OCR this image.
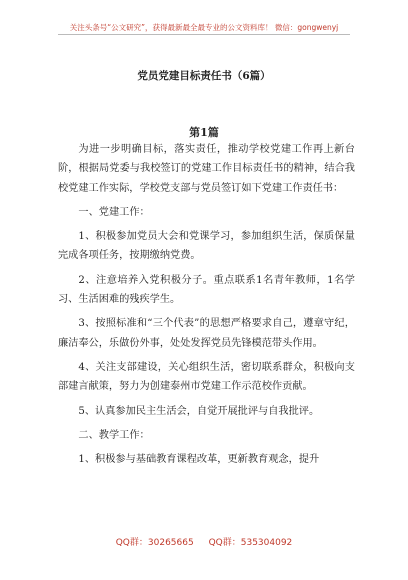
关注头条号“公文研究”，获得最新最全最专业的公文资料库！ 微信：gongwenyj
党员党建目标责任书（6篇）
第1篇

为进一步明确目标，落实责任，推动学校党建工作再上新台阶，根据局党委与我校签订的党建工作目标责任书的精神，结合我校党建工作实际，学校党支部与党员签订如下党建工作责任书：

一、党建工作：

1、积极参加党员大会和党课学习，参加组织生活，保质保量完成各项任务，按期缴纳党费。

2、注意培养入党积极分子。重点联系1名青年教师，1名学习、生活困难的残疾学生。

3、按照标准和“三个代表”的思想严格要求自己，遵章守纪，廉洁奉公，乐做份外事，处处发挥党员先锋模范带头作用。

4、关注支部建设，关心组织生活，密切联系群众，积极向支部建言献策，努力为创建泰州市党建工作示范校作贡献。

5、认真参加民主生活会，自觉开展批评与自我批评。

二、教学工作：

1、积极参与基础教育课程改革，更新教育观念，提升

QQ群：30265665 QQ群：535304092
